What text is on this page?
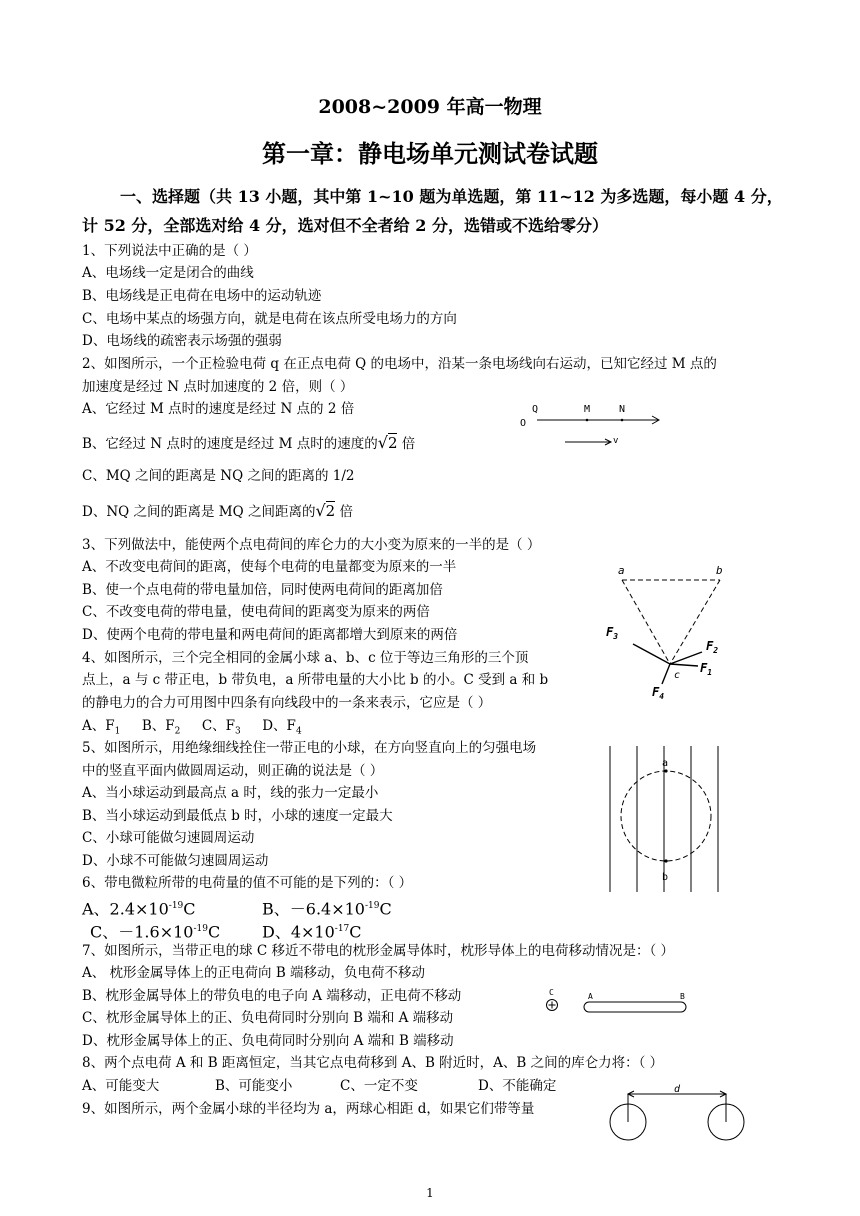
2008~2009 年高一物理
第一章：静电场单元测试卷试题
一、选择题（共 13 小题，其中第 1~10 题为单选题，第 11~12 为多选题，每小题 4 分，
计 52 分，全部选对给 4 分，选对但不全者给 2 分，选错或不选给零分）
1、下列说法中正确的是（ ）
A、电场线一定是闭合的曲线
B、电场线是正电荷在电场中的运动轨迹
C、电场中某点的场强方向，就是电荷在该点所受电场力的方向
D、电场线的疏密表示场强的强弱
2、如图所示，一个正检验电荷 q 在正点电荷 Q 的电场中，沿某一条电场线向右运动，已知它经过 M 点的
加速度是经过 N 点时加速度的 2 倍，则（ ）
A、它经过 M 点时的速度是经过 N 点的 2 倍
B、它经过 N 点时的速度是经过 M 点时的速度的√2 倍
C、MQ 之间的距离是 NQ 之间的距离的 1/2
D、NQ 之间的距离是 MQ 之间距离的√2 倍
Q	M	N
O
v
3、下列做法中，能使两个点电荷间的库仑力的大小变为原来的一半的是（ ）
A、不改变电荷间的距离，使每个电荷的电量都变为原来的一半
B、使一个点电荷的带电量加倍，同时使两电荷间的距离加倍
C、不改变电荷的带电量，使电荷间的距离变为原来的两倍
D、使两个电荷的带电量和两电荷间的距离都增大到原来的两倍
4、如图所示，三个完全相同的金属小球 a、b、c 位于等边三角形的三个顶
点上，a 与 c 带正电，b 带负电，a 所带电量的大小比 b 的小。C 受到 a 和 b
的静电力的合力可用图中四条有向线段中的一条来表示，它应是（ ）
A、$F_1$ B、$F_2$ C、$F_3$ D、$F_4$
a	b
c
$F_3$
$F_2$
$F_1$
$F_4$
5、如图所示，用绝缘细线拴住一带正电的小球，在方向竖直向上的匀强电场
中的竖直平面内做圆周运动，则正确的说法是（ ）
A、当小球运动到最高点 a 时，线的张力一定最小
B、当小球运动到最低点 b 时，小球的速度一定最大
C、小球可能做匀速圆周运动
D、小球不可能做匀速圆周运动
a
b
6、带电微粒所带的电荷量的值不可能的是下列的：（ ）
A、$2.4\times 10^{-19}C$	B、$-6.4\times 10^{-19}C$
C、$-1.6\times 10^{-19}C$	D、$4\times 10^{-17}C$
7、如图所示，当带正电的球 C 移近不带电的枕形金属导体时，枕形导体上的电荷移动情况是：（ ）
A、 枕形金属导体上的正电荷向 B 端移动，负电荷不移动
B、枕形金属导体上的带负电的电子向 A 端移动，正电荷不移动
C、枕形金属导体上的正、负电荷同时分别向 B 端和 A 端移动
D、枕形金属导体上的正、负电荷同时分别向 A 端和 B 端移动
C	A	B
8、两个点电荷 A 和 B 距离恒定，当其它点电荷移到 A、B 附近时，A、B 之间的库仑力将：（ ）
A、可能变大	B、可能变小	C、一定不变	D、不能确定
9、如图所示，两个金属小球的半径均为 a，两球心相距 d，如果它们带等量
d
1
